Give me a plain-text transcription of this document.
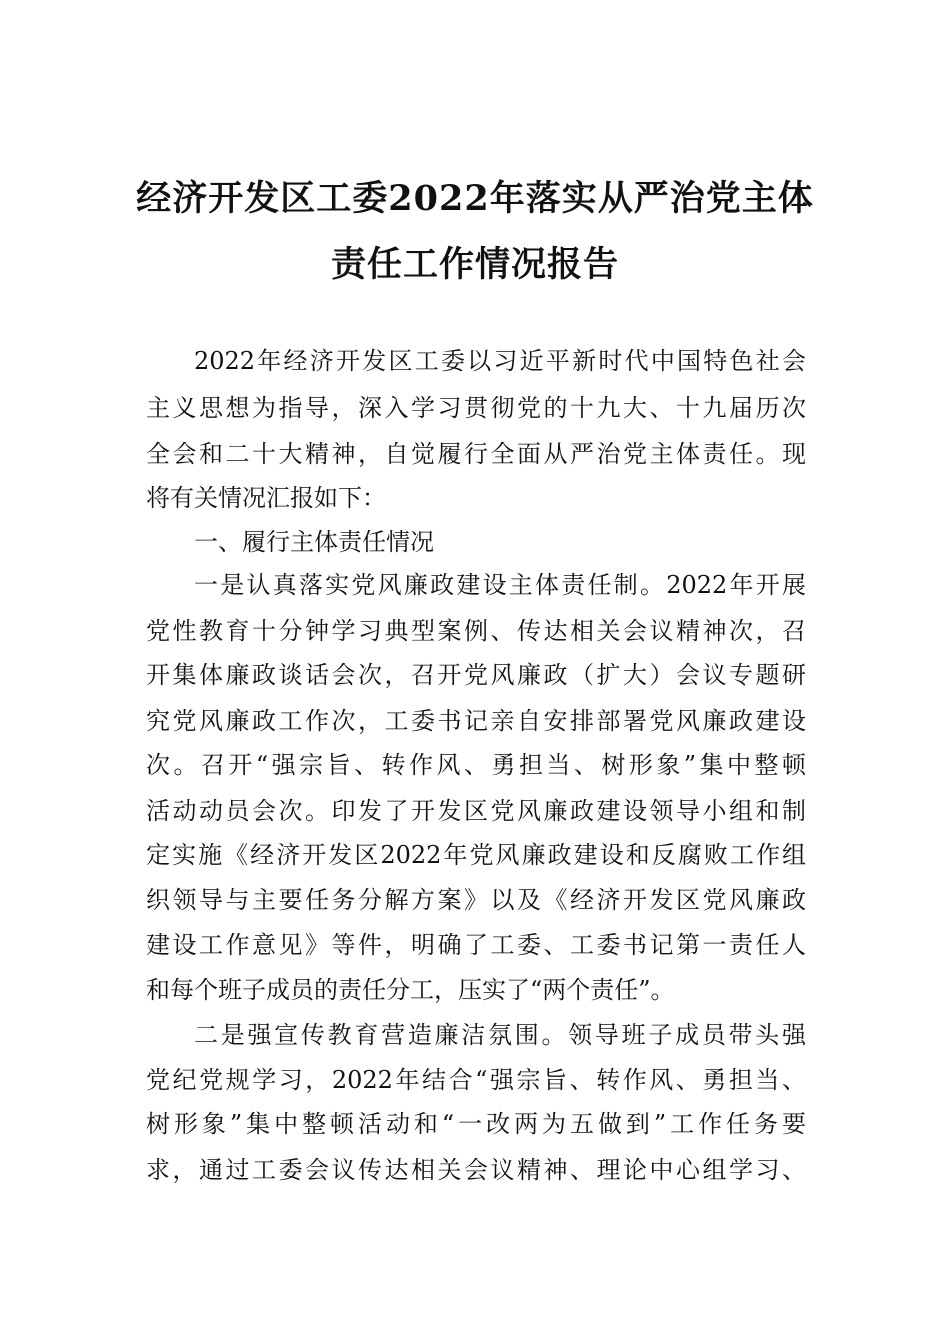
经济开发区工委2022年落实从严治党主体
责任工作情况报告
2022年经济开发区工委以习近平新时代中国特色社会
主义思想为指导，深入学习贯彻党的十九大、十九届历次
全会和二十大精神，自觉履行全面从严治党主体责任。现
将有关情况汇报如下：
一、履行主体责任情况
一是认真落实党风廉政建设主体责任制。2022年开展
党性教育十分钟学习典型案例、传达相关会议精神次，召
开集体廉政谈话会次，召开党风廉政（扩大）会议专题研
究党风廉政工作次，工委书记亲自安排部署党风廉政建设
次。召开“强宗旨、转作风、勇担当、树形象”集中整顿
活动动员会次。印发了开发区党风廉政建设领导小组和制
定实施《经济开发区2022年党风廉政建设和反腐败工作组
织领导与主要任务分解方案》以及《经济开发区党风廉政
建设工作意见》等件，明确了工委、工委书记第一责任人
和每个班子成员的责任分工，压实了“两个责任”。
二是强宣传教育营造廉洁氛围。领导班子成员带头强
党纪党规学习，2022年结合“强宗旨、转作风、勇担当、
树形象”集中整顿活动和“一改两为五做到”工作任务要
求，通过工委会议传达相关会议精神、理论中心组学习、
